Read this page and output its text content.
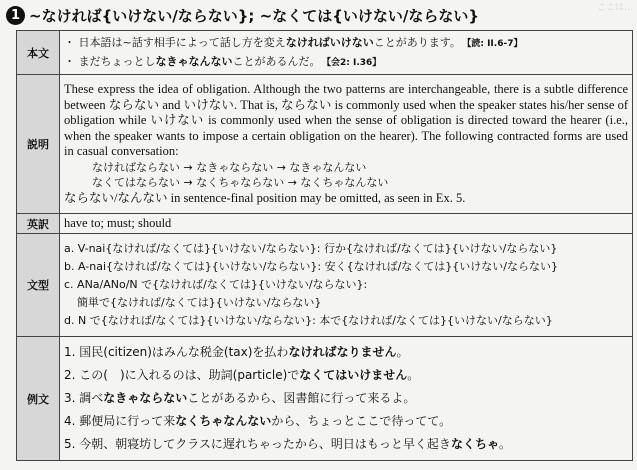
ここは…
1 ~なければ{いけない/ならない}; ~なくては{いけない/ならない}
本文	・ 日本語は~話す相手によって話し方を変えなければいけないことがあります。 【読: II.6-7】
・ まだちょっとしなきゃなんないことがあるんだ。 【会2: I.36】

説明	These express the idea of obligation. Although the two patterns are interchangeable, there is a subtle difference between ならない and いけない. That is, ならない is commonly used when the speaker states his/her sense of obligation while いけない is commonly used when the sense of obligation is directed toward the hearer (i.e., when the speaker wants to impose a certain obligation on the hearer). The following contracted forms are used in casual conversation:
なければならない → なきゃならない → なきゃなんない
なくてはならない → なくちゃならない → なくちゃなんない
ならない/なんない in sentence-final position may be omitted, as seen in Ex. 5.

英訳	have to; must; should
文型	a. V-nai{なければ/なくては}{いけない/ならない}: 行か{なければ/なくては}{いけない/ならない}
b. A-nai{なければ/なくては}{いけない/ならない}: 安く{なければ/なくては}{いけない/ならない}
c. ANa/ANo/N で{なければ/なくては}{いけない/ならない}:
簡単で{なければ/なくては}{いけない/ならない}
d. N で{なければ/なくては}{いけない/ならない}: 本で{なければ/なくては}{いけない/ならない}

例文	1. 国民(citizen)はみんな税金(tax)を払わなければなりません。
2. この(　)に入れるのは、助詞(particle)でなくてはいけません。
3. 調べなきゃならないことがあるから、図書館に行って来るよ。
4. 郵便局に行って来なくちゃなんないから、ちょっとここで待ってて。
5. 今朝、朝寝坊してクラスに遅れちゃったから、明日はもっと早く起きなくちゃ。
